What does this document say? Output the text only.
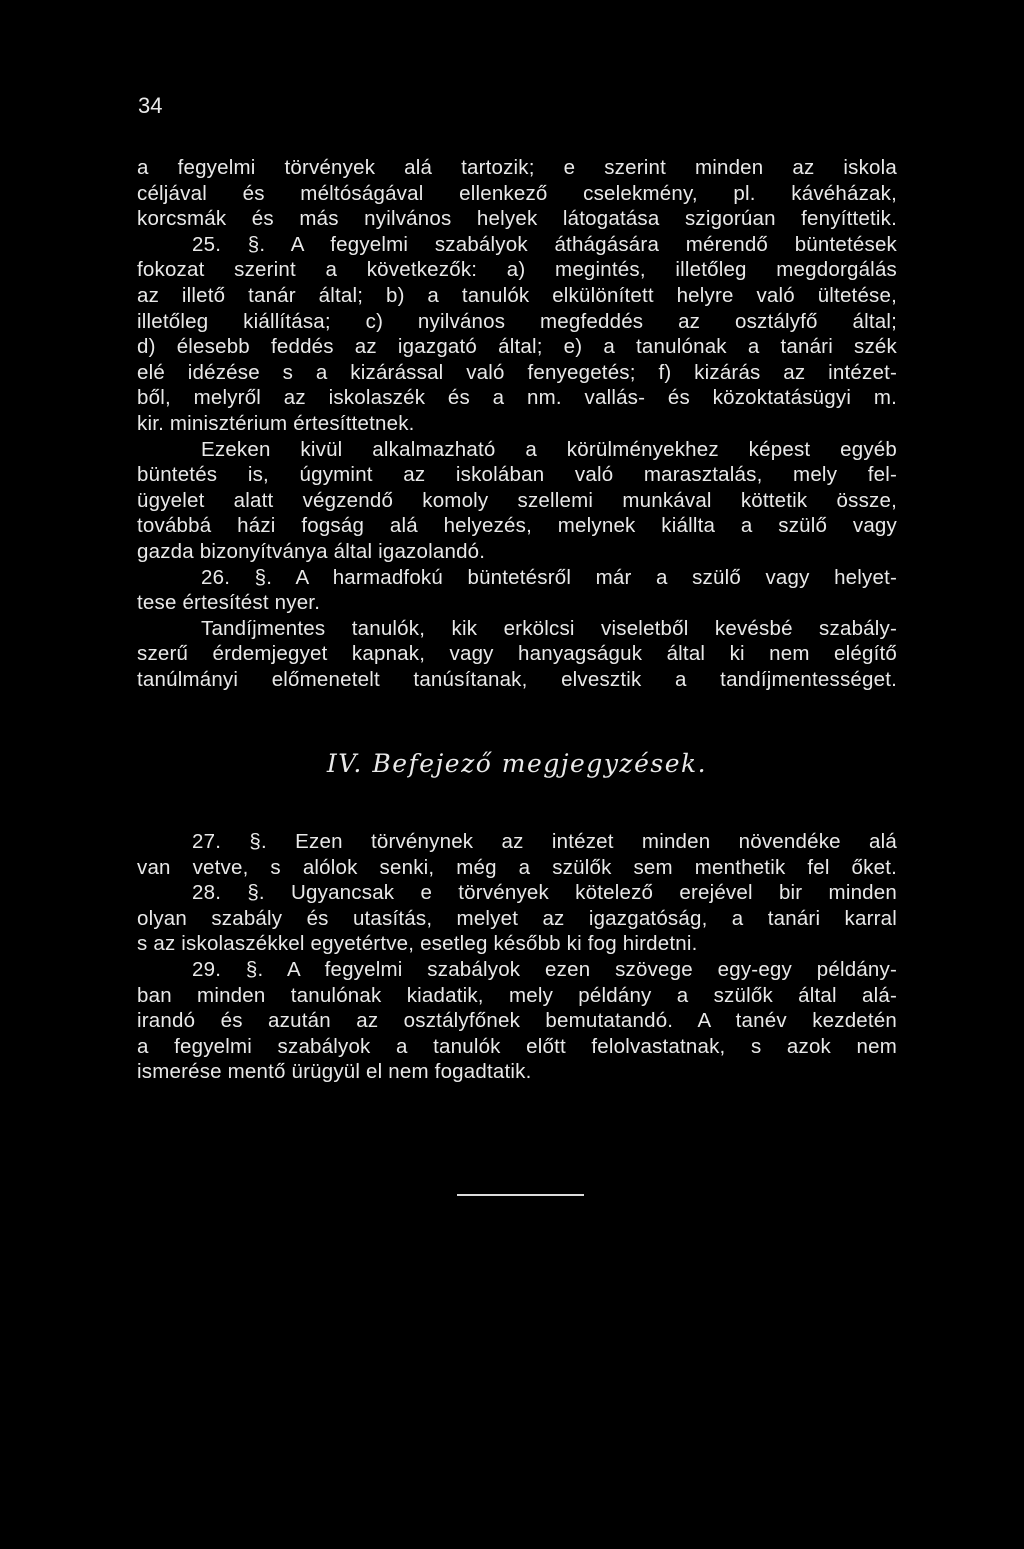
34
a fegyelmi törvények alá tartozik; e szerint minden az iskola
céljával és méltóságával ellenkező cselekmény, pl. kávéházak,
korcsmák és más nyilvános helyek látogatása szigorúan fenyíttetik.
25. §. A fegyelmi szabályok áthágására mérendő büntetések
fokozat szerint a következők: a) megintés, illetőleg megdorgálás
az illető tanár által; b) a tanulók elkülönített helyre való ültetése,
illetőleg kiállítása; c) nyilvános megfeddés az osztályfő által;
d) élesebb feddés az igazgató által; e) a tanulónak a tanári szék
elé idézése s a kizárással való fenyegetés; f) kizárás az intézet-
ből, melyről az iskolaszék és a nm. vallás- és közoktatásügyi m.
kir. minisztérium értesíttetnek.
Ezeken kivül alkalmazható a körülményekhez képest egyéb
büntetés is, úgymint az iskolában való marasztalás, mely fel-
ügyelet alatt végzendő komoly szellemi munkával köttetik össze,
továbbá házi fogság alá helyezés, melynek kiállta a szülő vagy
gazda bizonyítványa által igazolandó.
26. §. A harmadfokú büntetésről már a szülő vagy helyet-
tese értesítést nyer.
Tandíjmentes tanulók, kik erkölcsi viseletből kevésbé szabály-
szerű érdemjegyet kapnak, vagy hanyagságuk által ki nem elégítő
tanúlmányi előmenetelt tanúsítanak, elvesztik a tandíjmentességet.
IV. Befejező megjegyzések.
27. §. Ezen törvénynek az intézet minden növendéke alá
van vetve, s alólok senki, még a szülők sem menthetik fel őket.
28. §. Ugyancsak e törvények kötelező erejével bir minden
olyan szabály és utasítás, melyet az igazgatóság, a tanári karral
s az iskolaszékkel egyetértve, esetleg később ki fog hirdetni.
29. §. A fegyelmi szabályok ezen szövege egy-egy példány-
ban minden tanulónak kiadatik, mely példány a szülők által alá-
irandó és azután az osztályfőnek bemutatandó. A tanév kezdetén
a fegyelmi szabályok a tanulók előtt felolvastatnak, s azok nem
ismerése mentő ürügyül el nem fogadtatik.
